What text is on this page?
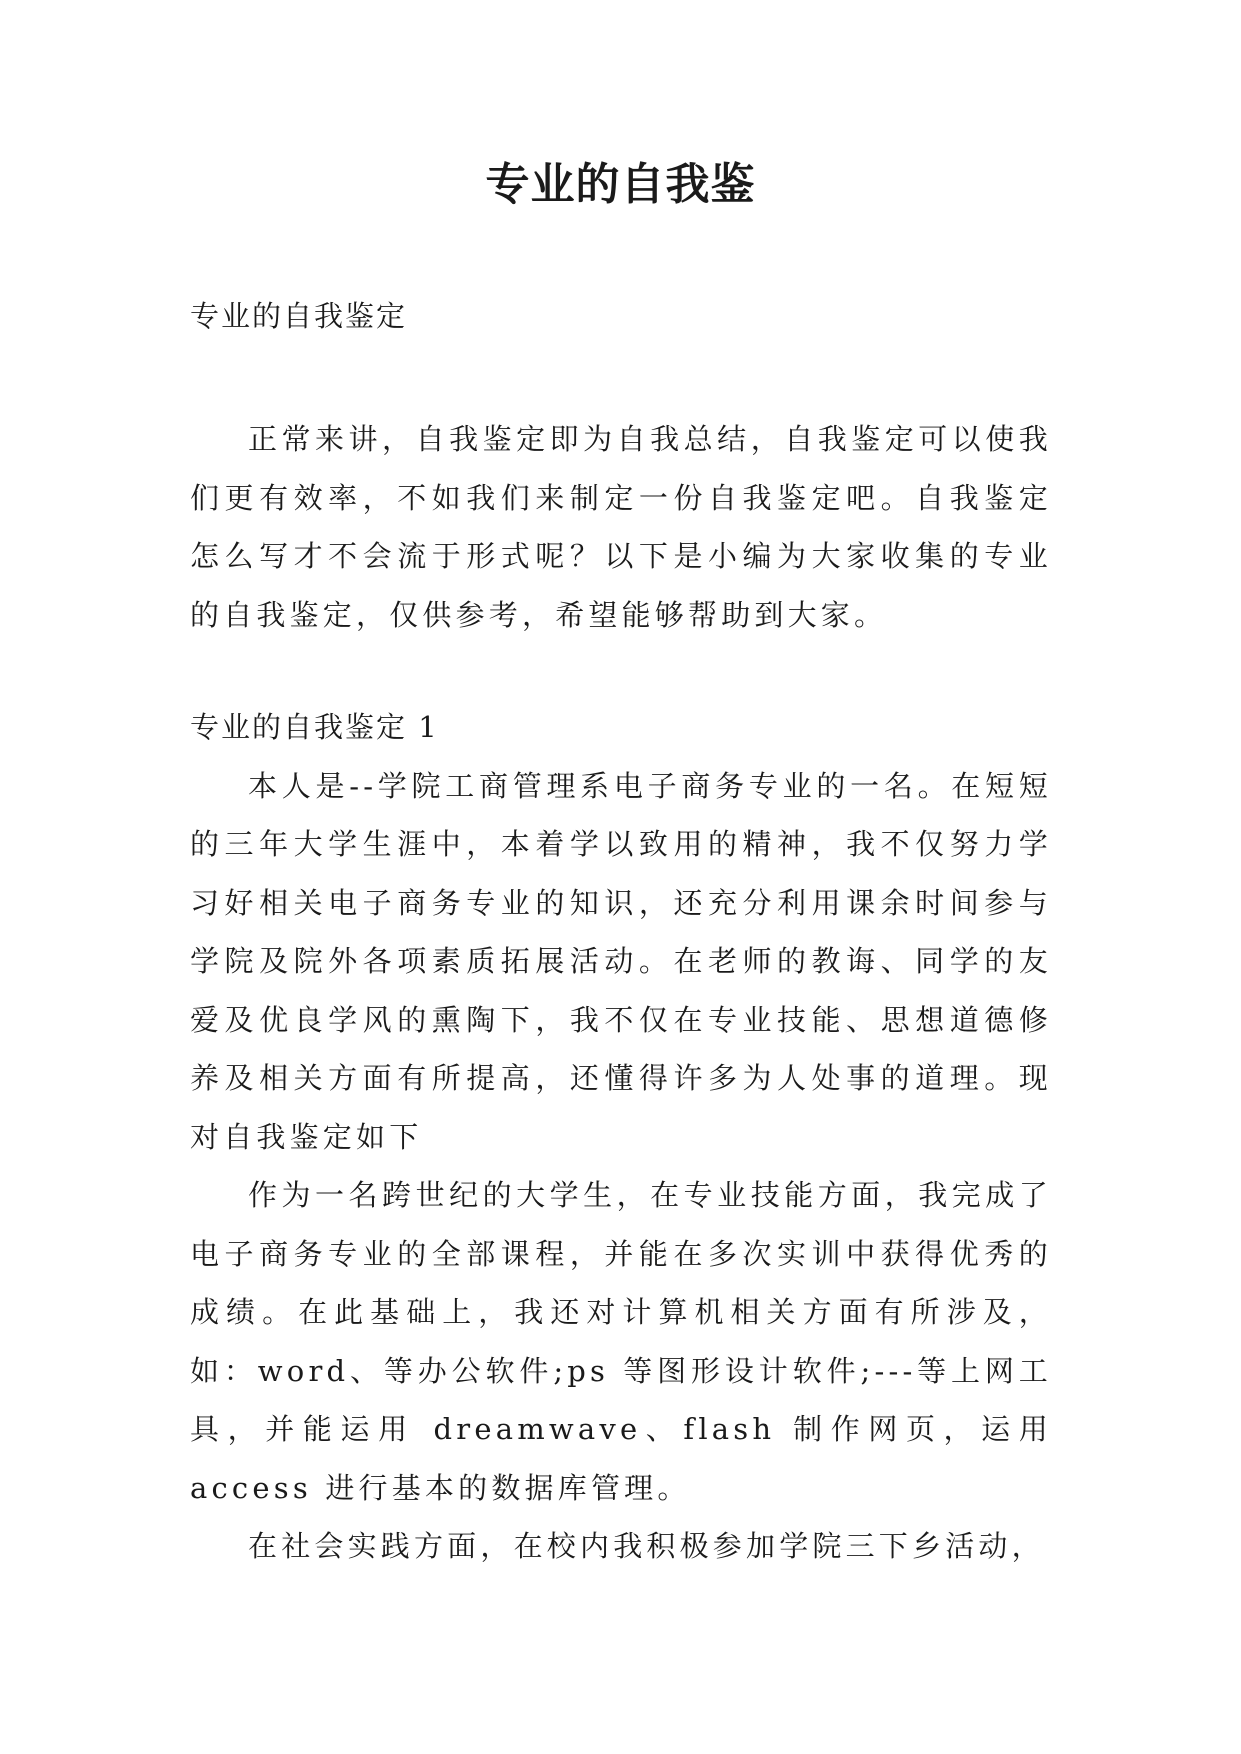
专业的自我鉴
专业的自我鉴定

正常来讲，自我鉴定即为自我总结，自我鉴定可以使我们更有效率，不如我们来制定一份自我鉴定吧。自我鉴定怎么写才不会流于形式呢？以下是小编为大家收集的专业的自我鉴定，仅供参考，希望能够帮助到大家。

专业的自我鉴定 1

本人是--学院工商管理系电子商务专业的一名。在短短的三年大学生涯中，本着学以致用的精神，我不仅努力学习好相关电子商务专业的知识，还充分利用课余时间参与学院及院外各项素质拓展活动。在老师的教诲、同学的友爱及优良学风的熏陶下，我不仅在专业技能、思想道德修养及相关方面有所提高，还懂得许多为人处事的道理。现对自我鉴定如下

作为一名跨世纪的大学生，在专业技能方面，我完成了电子商务专业的全部课程，并能在多次实训中获得优秀的成绩。在此基础上，我还对计算机相关方面有所涉及，如：word、等办公软件;ps 等图形设计软件;---等上网工具，并能运用 dreamwave、flash 制作网页，运用 access 进行基本的数据库管理。

在社会实践方面，在校内我积极参加学院三下乡活动，
